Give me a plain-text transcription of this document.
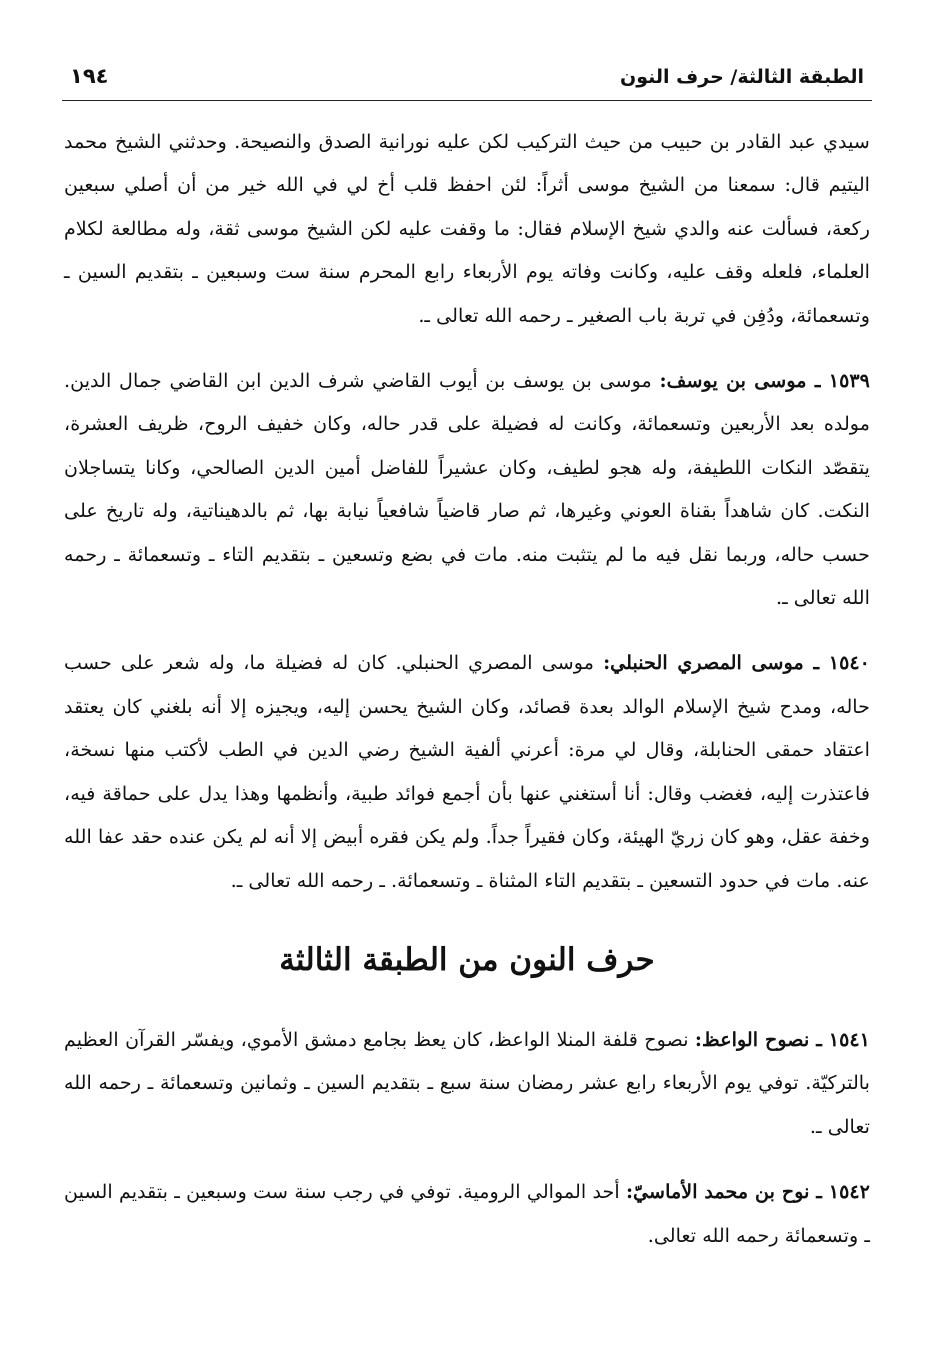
الطبقة الثالثة/ حرف النون
١٩٤

سيدي عبد القادر بن حبيب من حيث التركيب لكن عليه نورانية الصدق والنصيحة. وحدثني الشيخ محمد اليتيم قال: سمعنا من الشيخ موسى أثراً: لئن احفظ قلب أخ لي في الله خير من أن أصلي سبعين ركعة، فسألت عنه والدي شيخ الإسلام فقال: ما وقفت عليه لكن الشيخ موسى ثقة، وله مطالعة لكلام العلماء، فلعله وقف عليه، وكانت وفاته يوم الأربعاء رابع المحرم سنة ست وسبعين ـ بتقديم السين ـ وتسعمائة، ودُفِن في تربة باب الصغير ـ رحمه الله تعالى ـ.

١٥٣٩ ـ موسى بن يوسف: موسى بن يوسف بن أيوب القاضي شرف الدين ابن القاضي جمال الدين. مولده بعد الأربعين وتسعمائة، وكانت له فضيلة على قدر حاله، وكان خفيف الروح، ظريف العشرة، يتقصّد النكات اللطيفة، وله هجو لطيف، وكان عشيراً للفاضل أمين الدين الصالحي، وكانا يتساجلان النكت. كان شاهداً بقناة العوني وغيرها، ثم صار قاضياً شافعياً نيابة بها، ثم بالدهيناتية، وله تاريخ على حسب حاله، وربما نقل فيه ما لم يتثبت منه. مات في بضع وتسعين ـ بتقديم التاء ـ وتسعمائة ـ رحمه الله تعالى ـ.

١٥٤٠ ـ موسى المصري الحنبلي: موسى المصري الحنبلي. كان له فضيلة ما، وله شعر على حسب حاله، ومدح شيخ الإسلام الوالد بعدة قصائد، وكان الشيخ يحسن إليه، ويجيزه إلا أنه بلغني كان يعتقد اعتقاد حمقى الحنابلة، وقال لي مرة: أعرني ألفية الشيخ رضي الدين في الطب لأكتب منها نسخة، فاعتذرت إليه، فغضب وقال: أنا أستغني عنها بأن أجمع فوائد طبية، وأنظمها وهذا يدل على حماقة فيه، وخفة عقل، وهو كان زريّ الهيئة، وكان فقيراً جداً. ولم يكن فقره أبيض إلا أنه لم يكن عنده حقد عفا الله عنه. مات في حدود التسعين ـ بتقديم التاء المثناة ـ وتسعمائة. ـ رحمه الله تعالى ـ.

حرف النون من الطبقة الثالثة

١٥٤١ ـ نصوح الواعظ: نصوح قلفة المنلا الواعظ، كان يعظ بجامع دمشق الأموي، ويفسّر القرآن العظيم بالتركيّة. توفي يوم الأربعاء رابع عشر رمضان سنة سبع ـ بتقديم السين ـ وثمانين وتسعمائة ـ رحمه الله تعالى ـ.

١٥٤٢ ـ نوح بن محمد الأماسيّ: أحد الموالي الرومية. توفي في رجب سنة ست وسبعين ـ بتقديم السين ـ وتسعمائة رحمه الله تعالى.
